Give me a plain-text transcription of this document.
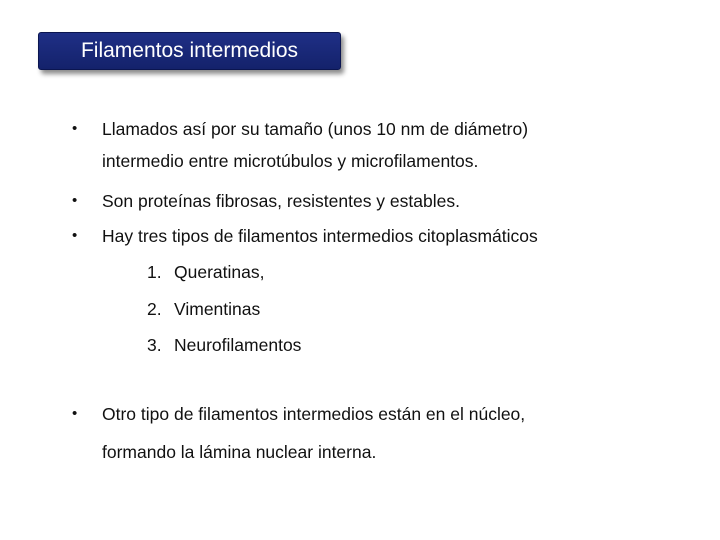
Filamentos intermedios
• Llamados así por su tamaño (unos 10 nm de diámetro)
intermedio entre microtúbulos y microfilamentos.
• Son proteínas fibrosas, resistentes y estables.
• Hay tres tipos de filamentos intermedios citoplasmáticos
1. Queratinas,
2. Vimentinas
3. Neurofilamentos
• Otro tipo de filamentos intermedios están en el núcleo,
formando la lámina nuclear interna.
